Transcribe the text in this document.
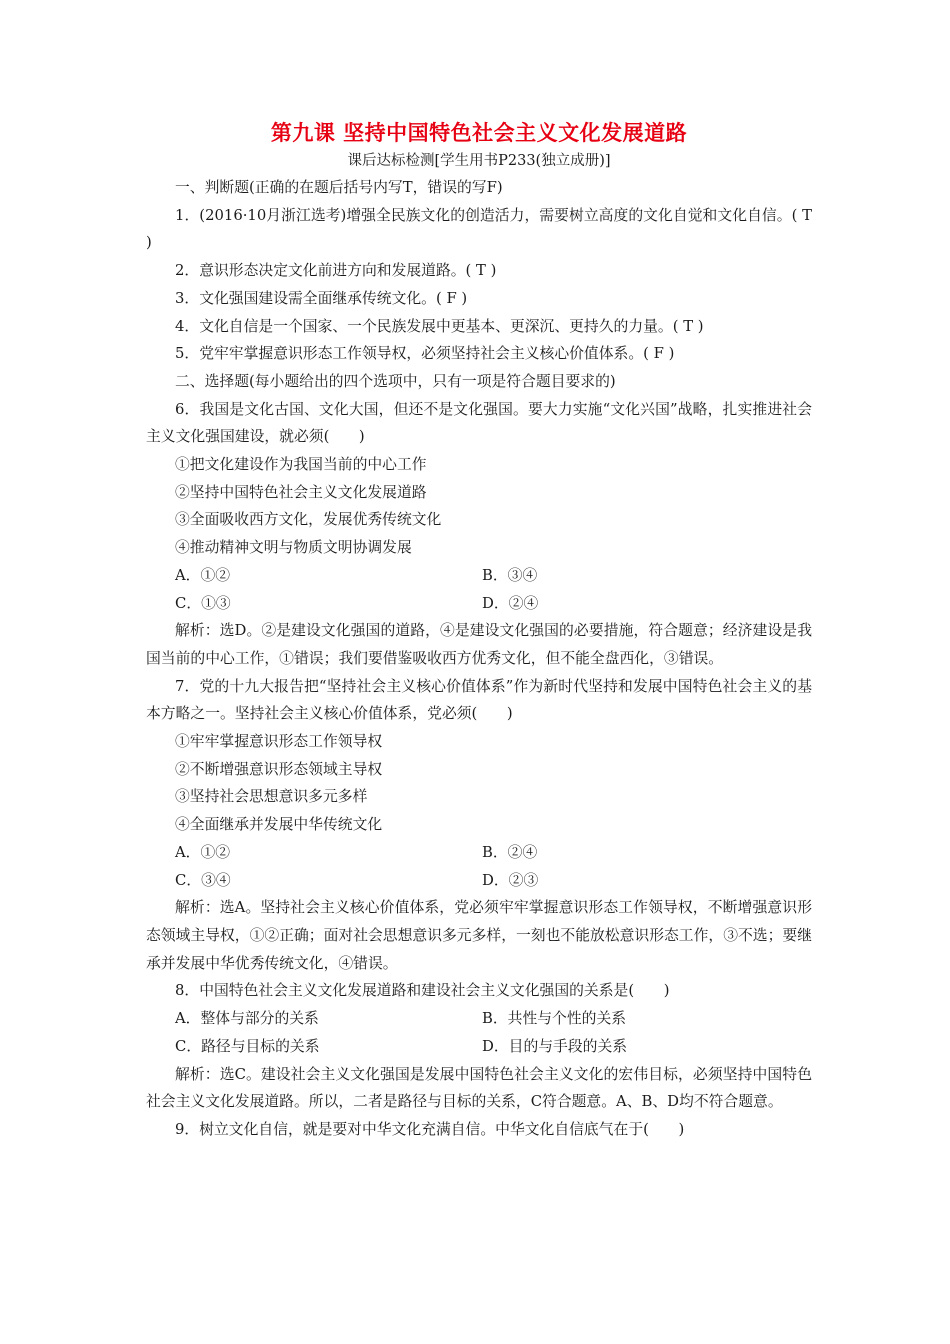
第九课 坚持中国特色社会主义文化发展道路
课后达标检测[学生用书P233(独立成册)]
一、判断题(正确的在题后括号内写T，错误的写F)
1．(2016·10月浙江选考)增强全民族文化的创造活力，需要树立高度的文化自觉和文化自信。( T )
2．意识形态决定文化前进方向和发展道路。( T )
3．文化强国建设需全面继承传统文化。( F )
4．文化自信是一个国家、一个民族发展中更基本、更深沉、更持久的力量。( T )
5．党牢牢掌握意识形态工作领导权，必须坚持社会主义核心价值体系。( F )
二、选择题(每小题给出的四个选项中，只有一项是符合题目要求的)
6．我国是文化古国、文化大国，但还不是文化强国。要大力实施“文化兴国”战略，扎实推进社会主义文化强国建设，就必须(　　)
①把文化建设作为我国当前的中心工作
②坚持中国特色社会主义文化发展道路
③全面吸收西方文化，发展优秀传统文化
④推动精神文明与物质文明协调发展
A．①②	B．③④
C．①③	D．②④
解析：选D。②是建设文化强国的道路，④是建设文化强国的必要措施，符合题意；经济建设是我国当前的中心工作，①错误；我们要借鉴吸收西方优秀文化，但不能全盘西化，③错误。
7．党的十九大报告把“坚持社会主义核心价值体系”作为新时代坚持和发展中国特色社会主义的基本方略之一。坚持社会主义核心价值体系，党必须(　　)
①牢牢掌握意识形态工作领导权
②不断增强意识形态领域主导权
③坚持社会思想意识多元多样
④全面继承并发展中华传统文化
A．①②	B．②④
C．③④	D．②③
解析：选A。坚持社会主义核心价值体系，党必须牢牢掌握意识形态工作领导权，不断增强意识形态领域主导权，①②正确；面对社会思想意识多元多样，一刻也不能放松意识形态工作，③不选；要继承并发展中华优秀传统文化，④错误。
8．中国特色社会主义文化发展道路和建设社会主义文化强国的关系是(　　)
A．整体与部分的关系	B．共性与个性的关系
C．路径与目标的关系	D．目的与手段的关系
解析：选C。建设社会主义文化强国是发展中国特色社会主义文化的宏伟目标，必须坚持中国特色社会主义文化发展道路。所以，二者是路径与目标的关系，C符合题意。A、B、D均不符合题意。
9．树立文化自信，就是要对中华文化充满自信。中华文化自信底气在于(　　)
